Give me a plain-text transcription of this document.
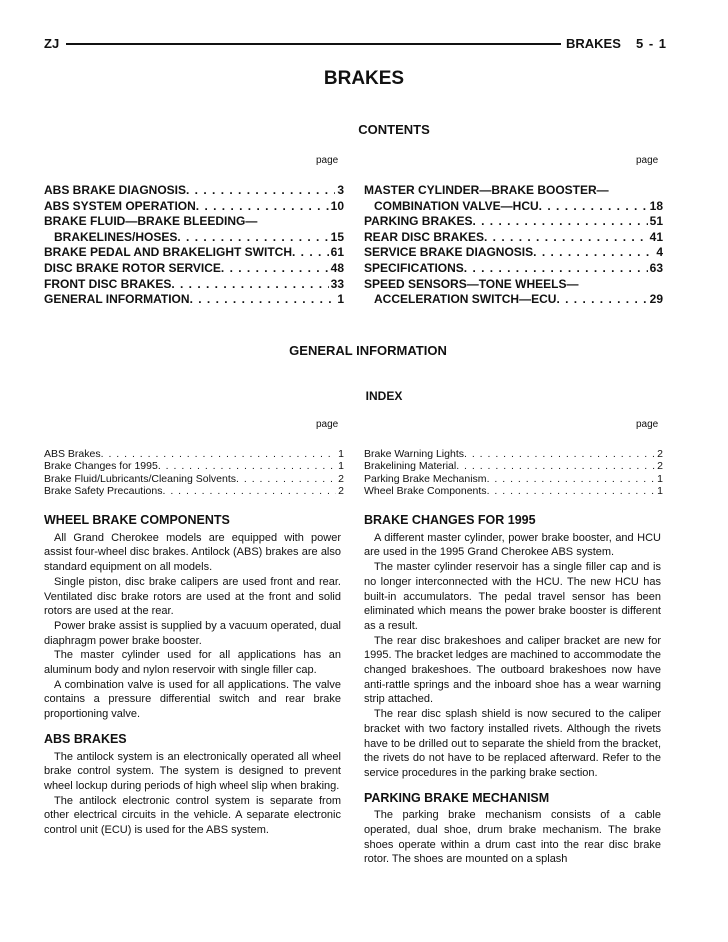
ZJ	BRAKES 5 - 1
BRAKES
CONTENTS
page	page
ABS BRAKE DIAGNOSIS . . .	3
ABS SYSTEM OPERATION . . .	10
BRAKE FLUID—BRAKE BLEEDING—
BRAKELINES/HOSES . . .	15
BRAKE PEDAL AND BRAKELIGHT SWITCH . . .	61
DISC BRAKE ROTOR SERVICE . . .	48
FRONT DISC BRAKES . . .	33
GENERAL INFORMATION . . .	1
MASTER CYLINDER—BRAKE BOOSTER—
COMBINATION VALVE—HCU . . .	18
PARKING BRAKES . . .	51
REAR DISC BRAKES . . .	41
SERVICE BRAKE DIAGNOSIS . . .	4
SPECIFICATIONS . . .	63
SPEED SENSORS—TONE WHEELS—
ACCELERATION SWITCH—ECU . . .	29
GENERAL INFORMATION
INDEX
page	page
ABS Brakes . . .	1
Brake Changes for 1995 . . .	1
Brake Fluid/Lubricants/Cleaning Solvents . . .	2
Brake Safety Precautions . . .	2
Brake Warning Lights . . .	2
Brakelining Material . . .	2
Parking Brake Mechanism . . .	1
Wheel Brake Components . . .	1
WHEEL BRAKE COMPONENTS

All Grand Cherokee models are equipped with power assist four-wheel disc brakes. Antilock (ABS) brakes are also standard equipment on all models.

Single piston, disc brake calipers are used front and rear. Ventilated disc brake rotors are used at the front and solid rotors are used at the rear.

Power brake assist is supplied by a vacuum operated, dual diaphragm power brake booster.

The master cylinder used for all applications has an aluminum body and nylon reservoir with single filler cap.

A combination valve is used for all applications. The valve contains a pressure differential switch and rear brake proportioning valve.

ABS BRAKES

The antilock system is an electronically operated all wheel brake control system. The system is designed to prevent wheel lockup during periods of high wheel slip when braking.

The antilock electronic control system is separate from other electrical circuits in the vehicle. A separate electronic control unit (ECU) is used for the ABS system.

BRAKE CHANGES FOR 1995

A different master cylinder, power brake booster, and HCU are used in the 1995 Grand Cherokee ABS system.

The master cylinder reservoir has a single filler cap and is no longer interconnected with the HCU. The new HCU has built-in accumulators. The pedal travel sensor has been eliminated which means the power brake booster is different as a result.

The rear disc brakeshoes and caliper bracket are new for 1995. The bracket ledges are machined to accommodate the changed brakeshoes. The outboard brakeshoes now have anti-rattle springs and the inboard shoe has a wear warning strip attached.

The rear disc splash shield is now secured to the caliper bracket with two factory installed rivets. Although the rivets have to be drilled out to separate the shield from the bracket, the rivets do not have to be replaced afterward. Refer to the service procedures in the parking brake section.

PARKING BRAKE MECHANISM

The parking brake mechanism consists of a cable operated, dual shoe, drum brake mechanism. The brake shoes operate within a drum cast into the rear disc brake rotor. The shoes are mounted on a splash
